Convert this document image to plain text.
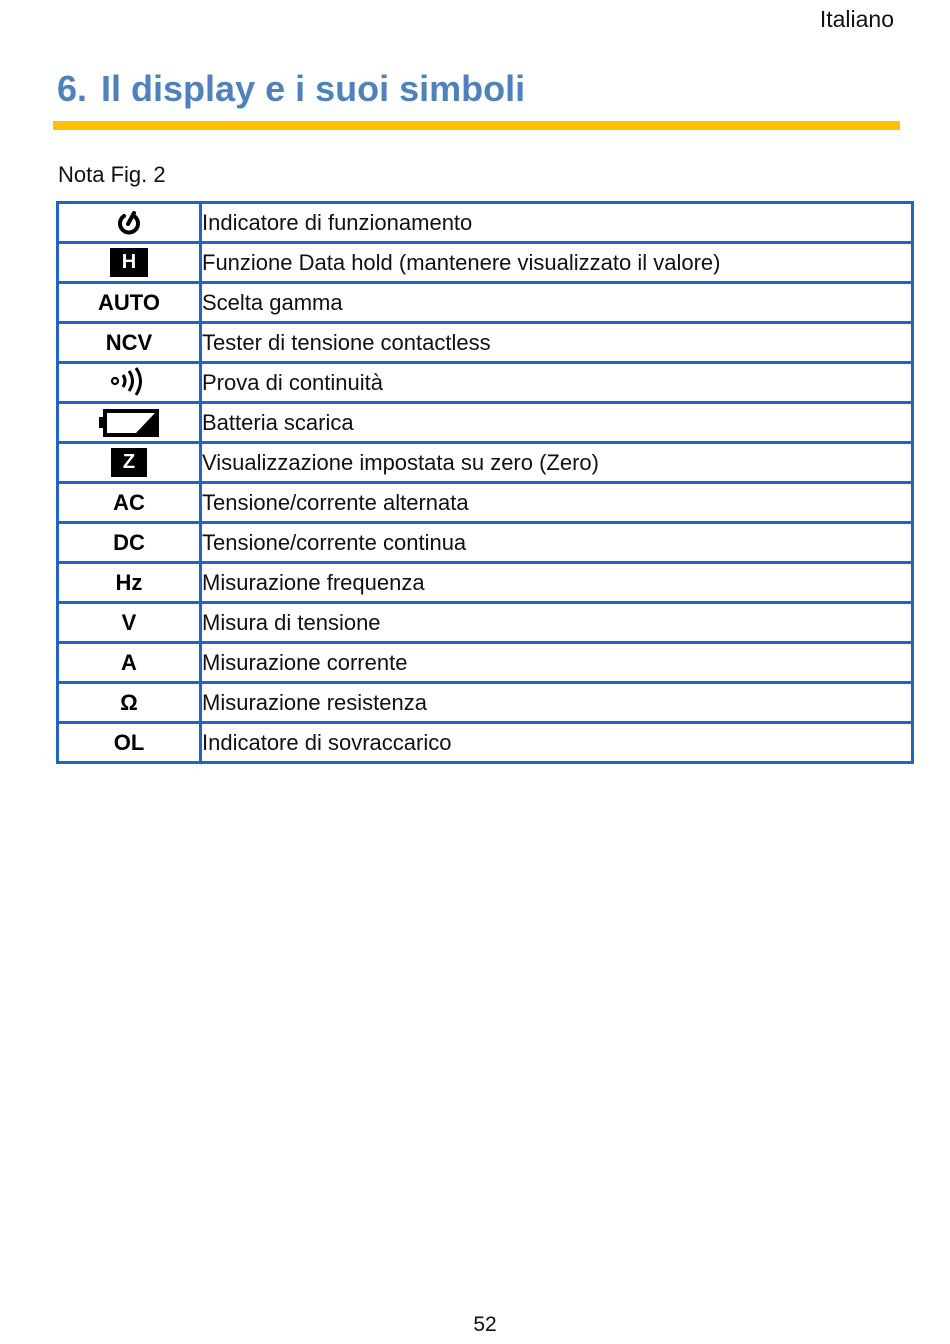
Italiano
6. Il display e i suoi simboli
Nota Fig. 2
	Indicatore di funzionamento
H	Funzione Data hold (mantenere visualizzato il valore)
AUTO	Scelta gamma
NCV	Tester di tensione contactless
	Prova di continuità
	Batteria scarica
Z	Visualizzazione impostata su zero (Zero)
AC	Tensione/corrente alternata
DC	Tensione/corrente continua
Hz	Misurazione frequenza
V	Misura di tensione
A	Misurazione corrente
Ω	Misurazione resistenza
OL	Indicatore di sovraccarico
52
